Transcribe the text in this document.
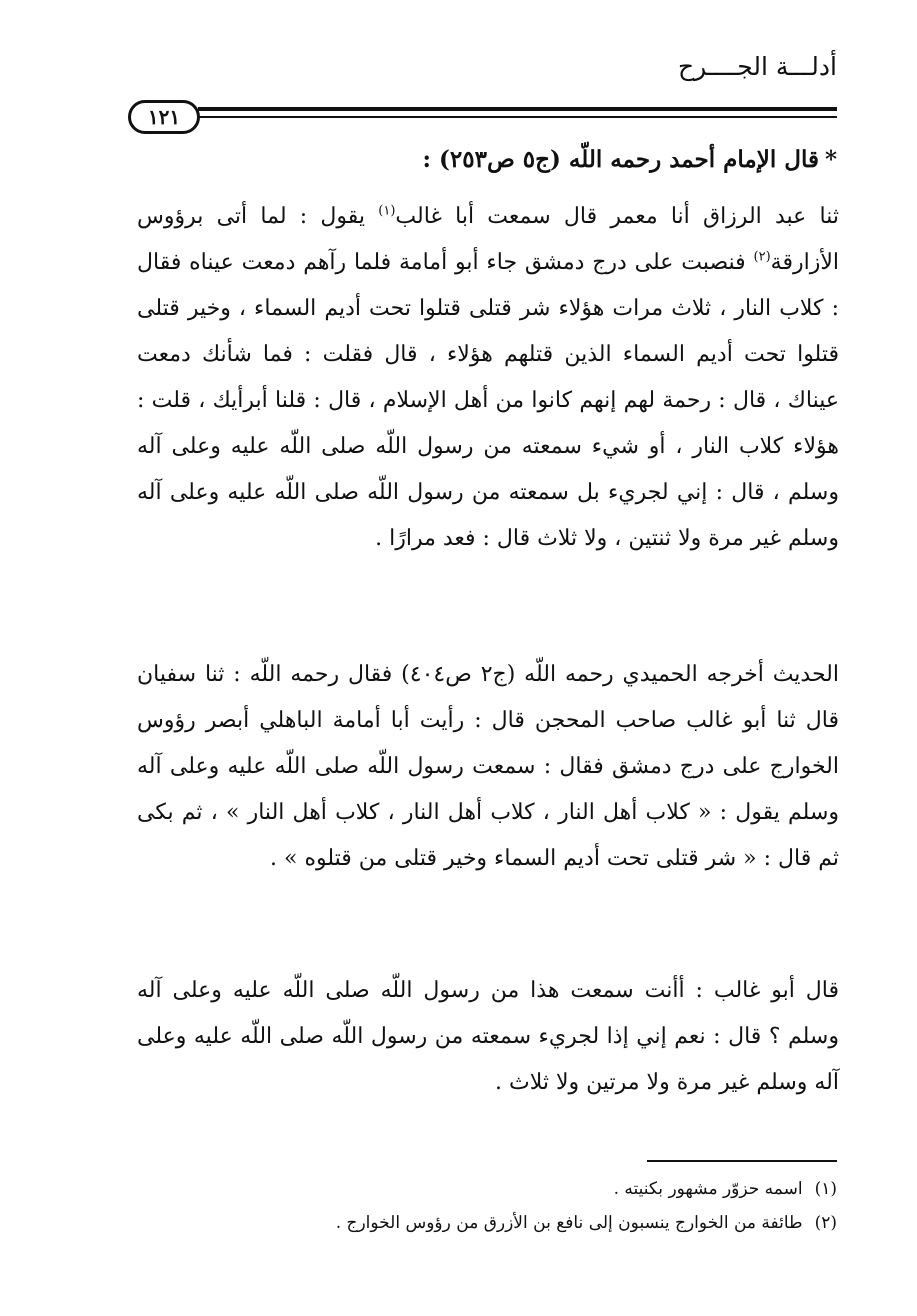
أدلـــة الجــــرح
١٢١
*قال الإمام أحمد رحمه اللّه (ج٥ ص٢٥٣) :

ثنا عبد الرزاق أنا معمر قال سمعت أبا غالب$^{(١)}$ يقول : لما أتى برؤوس الأزارقة$^{(٢)}$ فنصبت على درج دمشق جاء أبو أمامة فلما رآهم دمعت عيناه فقال : كلاب النار ، ثلاث مرات هؤلاء شر قتلى قتلوا تحت أديم السماء ، وخير قتلى قتلوا تحت أديم السماء الذين قتلهم هؤلاء ، قال فقلت : فما شأنك دمعت عيناك ، قال : رحمة لهم إنهم كانوا من أهل الإسلام ، قال : قلنا أبرأيك ، قلت : هؤلاء كلاب النار ، أو شيء سمعته من رسول اللّه صلى اللّه عليه وعلى آله وسلم ، قال : إني لجريء بل سمعته من رسول اللّه صلى اللّه عليه وعلى آله وسلم غير مرة ولا ثنتين ، ولا ثلاث قال : فعد مرارًا .

الحديث أخرجه الحميدي رحمه اللّه (ج٢ ص٤٠٤) فقال رحمه اللّه : ثنا سفيان قال ثنا أبو غالب صاحب المحجن قال : رأيت أبا أمامة الباهلي أبصر رؤوس الخوارج على درج دمشق فقال : سمعت رسول اللّه صلى اللّه عليه وعلى آله وسلم يقول : « كلاب أهل النار ، كلاب أهل النار ، كلاب أهل النار » ، ثم بكى ثم قال : « شر قتلى تحت أديم السماء وخير قتلى من قتلوه » .

قال أبو غالب : أأنت سمعت هذا من رسول اللّه صلى اللّه عليه وعلى آله وسلم ؟ قال : نعم إني إذا لجريء سمعته من رسول اللّه صلى اللّه عليه وعلى آله وسلم غير مرة ولا مرتين ولا ثلاث .

(١)اسمه حزوّر مشهور بكنيته .
(٢)طائفة من الخوارج ينسبون إلى نافع بن الأزرق من رؤوس الخوارج .
